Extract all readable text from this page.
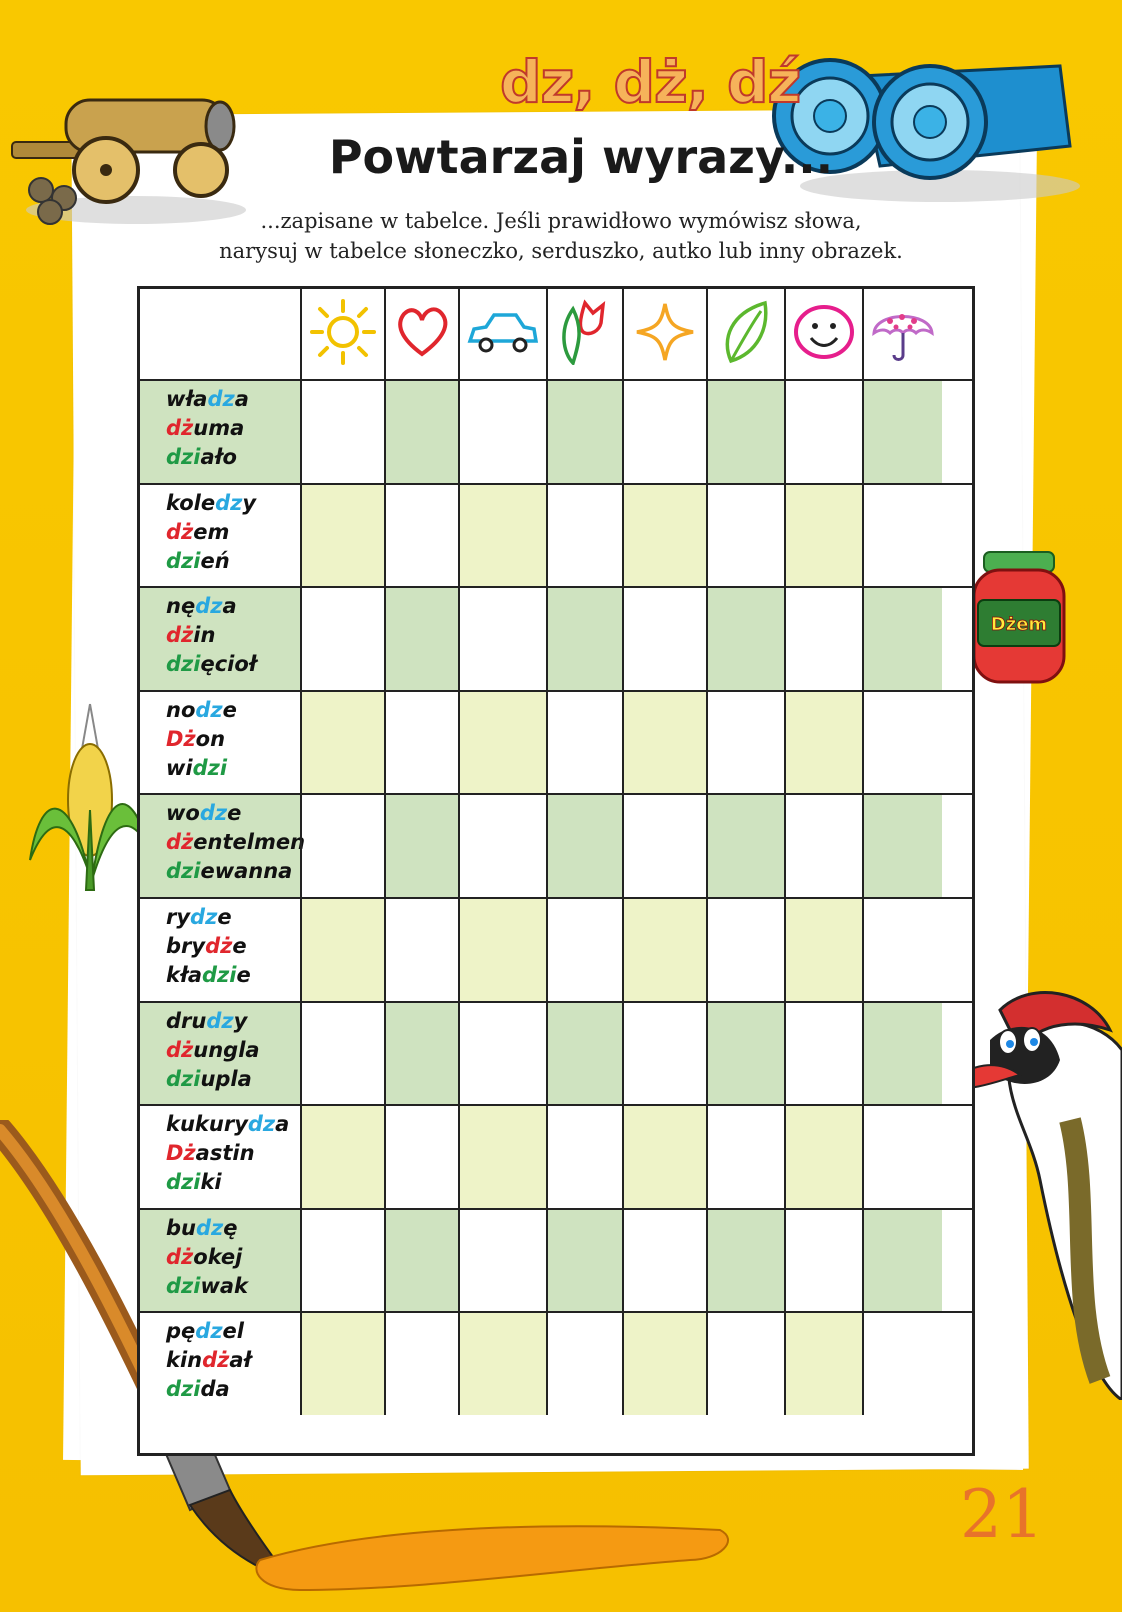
Dżem
dz, dż, dź
Powtarzaj wyrazy...
...zapisane w tabelce. Jeśli prawidłowo wymówisz słowa,
narysuj w tabelce słoneczko, serduszko, autko lub inny obrazek.
władza
dżuma
działo
koledzy
dżem
dzień
nędza
dżin
dzięcioł
nodze
Dżon
widzi
wodze
dżentelmen
dziewanna
rydze
brydże
kładzie
drudzy
dżungla
dziupla
kukurydza
Dżastin
dziki
budzę
dżokej
dziwak
pędzel
kindżał
dzida
21
